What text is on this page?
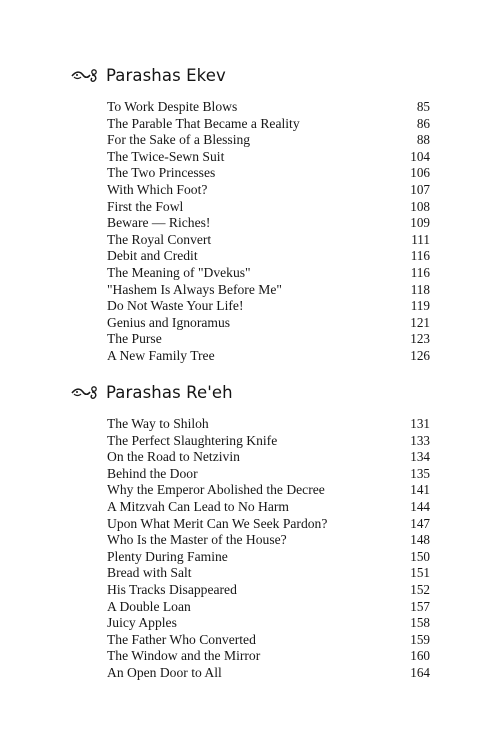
Parashas Ekev
To Work Despite Blows	85
The Parable That Became a Reality	86
For the Sake of a Blessing	88
The Twice-Sewn Suit	104
The Two Princesses	106
With Which Foot?	107
First the Fowl	108
Beware — Riches!	109
The Royal Convert	111
Debit and Credit	116
The Meaning of "Dvekus"	116
"Hashem Is Always Before Me"	118
Do Not Waste Your Life!	119
Genius and Ignoramus	121
The Purse	123
A New Family Tree	126
Parashas Re'eh
The Way to Shiloh	131
The Perfect Slaughtering Knife	133
On the Road to Netzivin	134
Behind the Door	135
Why the Emperor Abolished the Decree	141
A Mitzvah Can Lead to No Harm	144
Upon What Merit Can We Seek Pardon?	147
Who Is the Master of the House?	148
Plenty During Famine	150
Bread with Salt	151
His Tracks Disappeared	152
A Double Loan	157
Juicy Apples	158
The Father Who Converted	159
The Window and the Mirror	160
An Open Door to All	164
